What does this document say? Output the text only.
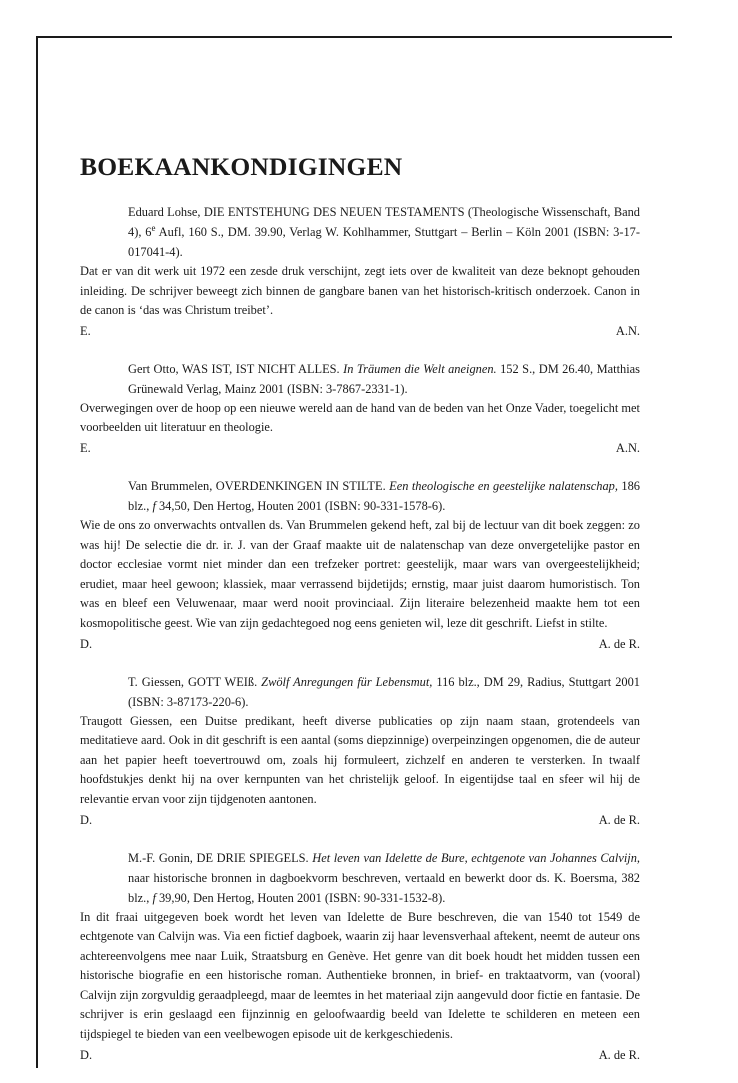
BOEKAANKONDIGINGEN

Eduard Lohse, DIE ENTSTEHUNG DES NEUEN TESTAMENTS (Theologische Wissenschaft, Band 4), 6e Aufl, 160 S., DM. 39.90, Verlag W. Kohlhammer, Stuttgart – Berlin – Köln 2001 (ISBN: 3-17-017041-4).

Dat er van dit werk uit 1972 een zesde druk verschijnt, zegt iets over de kwaliteit van deze beknopt gehouden inleiding. De schrijver beweegt zich binnen de gangbare banen van het historisch-kritisch onderzoek. Canon in de canon is ‘das was Christum treibet’.

E.	A.N.

Gert Otto, WAS IST, IST NICHT ALLES. In Träumen die Welt aneignen. 152 S., DM 26.40, Matthias Grünewald Verlag, Mainz 2001 (ISBN: 3-7867-2331-1).

Overwegingen over de hoop op een nieuwe wereld aan de hand van de beden van het Onze Vader, toegelicht met voorbeelden uit literatuur en theologie.

E.	A.N.

Van Brummelen, OVERDENKINGEN IN STILTE. Een theologische en geestelijke nalatenschap, 186 blz., f 34,50, Den Hertog, Houten 2001 (ISBN: 90-331-1578-6).

Wie de ons zo onverwachts ontvallen ds. Van Brummelen gekend heft, zal bij de lectuur van dit boek zeggen: zo was hij! De selectie die dr. ir. J. van der Graaf maakte uit de nalatenschap van deze onvergetelijke pastor en doctor ecclesiae vormt niet minder dan een trefzeker portret: geestelijk, maar wars van overgeestelijkheid; erudiet, maar heel gewoon; klassiek, maar verrassend bijdetijds; ernstig, maar juist daarom humoristisch. Ton was en bleef een Veluwenaar, maar werd nooit provinciaal. Zijn literaire belezenheid maakte hem tot een kosmopolitische geest. Wie van zijn gedachtegoed nog eens genieten wil, leze dit geschrift. Liefst in stilte.

D.	A. de R.

T. Giessen, GOTT WEIß. Zwölf Anregungen für Lebensmut, 116 blz., DM 29, Radius, Stuttgart 2001 (ISBN: 3-87173-220-6).

Traugott Giessen, een Duitse predikant, heeft diverse publicaties op zijn naam staan, grotendeels van meditatieve aard. Ook in dit geschrift is een aantal (soms diepzinnige) overpeinzingen opgenomen, die de auteur aan het papier heeft toevertrouwd om, zoals hij formuleert, zichzelf en anderen te versterken. In twaalf hoofdstukjes denkt hij na over kernpunten van het christelijk geloof. In eigentijdse taal en sfeer wil hij de relevantie ervan voor zijn tijdgenoten aantonen.

D.	A. de R.

M.-F. Gonin, DE DRIE SPIEGELS. Het leven van Idelette de Bure, echtgenote van Johannes Calvijn, naar historische bronnen in dagboekvorm beschreven, vertaald en bewerkt door ds. K. Boersma, 382 blz., f 39,90, Den Hertog, Houten 2001 (ISBN: 90-331-1532-8).

In dit fraai uitgegeven boek wordt het leven van Idelette de Bure beschreven, die van 1540 tot 1549 de echtgenote van Calvijn was. Via een fictief dagboek, waarin zij haar levensverhaal aftekent, neemt de auteur ons achtereenvolgens mee naar Luik, Straatsburg en Genève. Het genre van dit boek houdt het midden tussen een historische biografie en een historische roman. Authentieke bronnen, in brief- en traktaatvorm, van (vooral) Calvijn zijn zorgvuldig geraadpleegd, maar de leemtes in het materiaal zijn aangevuld door fictie en fantasie. De schrijver is erin geslaagd een fijnzinnig en geloofwaardig beeld van Idelette te schilderen en meteen een tijdspiegel te bieden van een veelbewogen episode uit de kerkgeschiedenis.

D.	A. de R.
